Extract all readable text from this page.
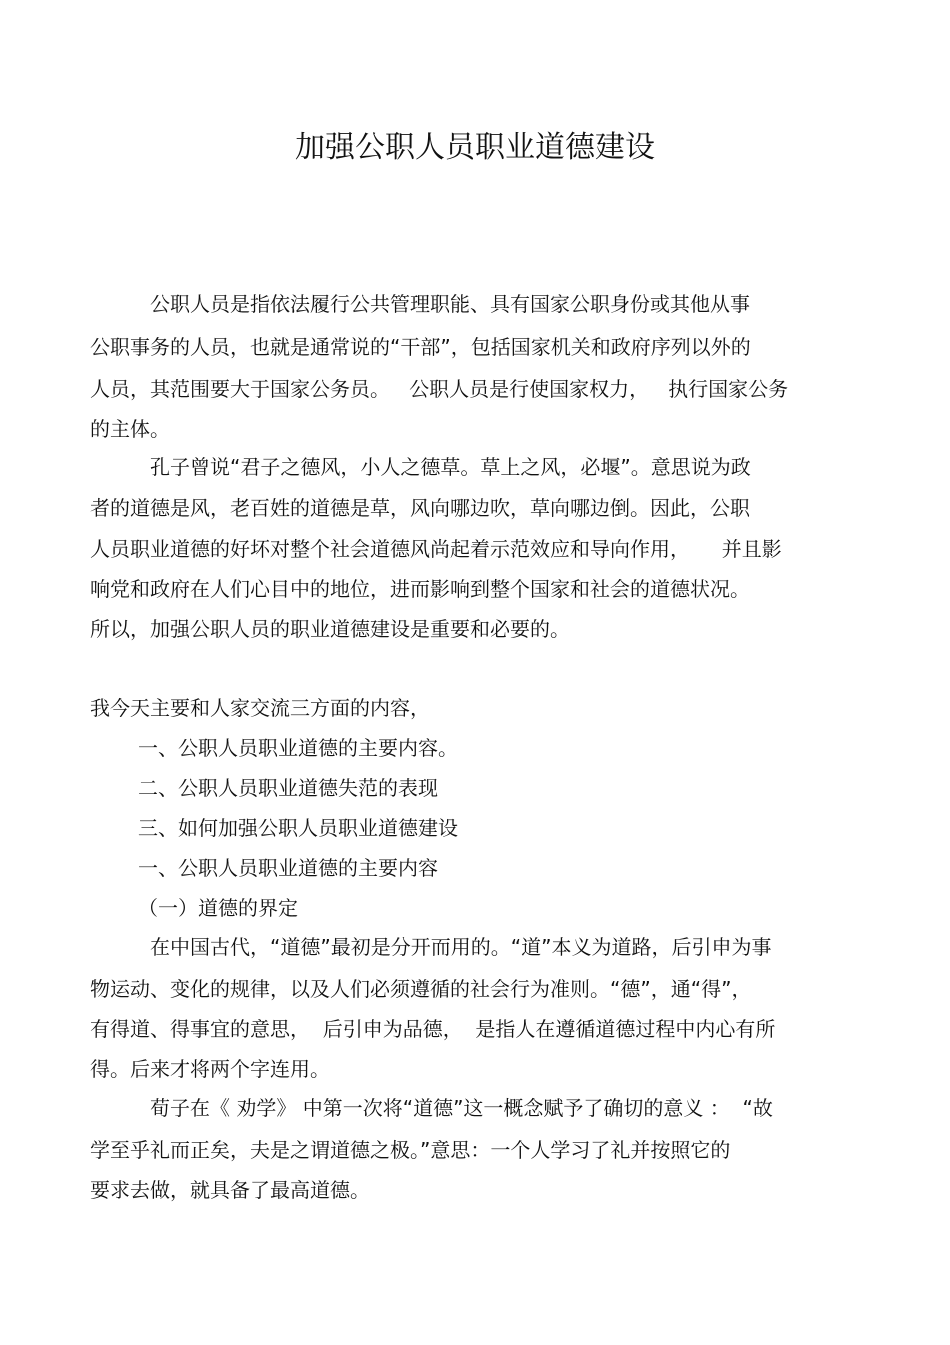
加强公职人员职业道德建设
公职人员是指依法履行公共管理职能、具有国家公职身份或其他从事
公职事务的人员，也就是通常说的“干部”，包括国家机关和政府序列以外的
人员，其范围要大于国家公务员。   公职人员是行使国家权力，   执行国家公务
的主体。
孔子曾说“君子之德风，小人之德草。草上之风，必堰”。意思说为政
者的道德是风，老百姓的道德是草，风向哪边吹，草向哪边倒。因此，公职
人员职业道德的好坏对整个社会道德风尚起着示范效应和导向作用，     并且影
响党和政府在人们心目中的地位，进而影响到整个国家和社会的道德状况。
所以，加强公职人员的职业道德建设是重要和必要的。
我今天主要和人家交流三方面的内容，
一、公职人员职业道德的主要内容。
二、公职人员职业道德失范的表现
三、如何加强公职人员职业道德建设
一、公职人员职业道德的主要内容
（一）道德的界定
在中国古代，“道德”最初是分开而用的。“道”本义为道路，后引申为事
物运动、变化的规律，以及人们必须遵循的社会行为准则。“德”，通“得”，
有得道、得事宜的意思，  后引申为品德，  是指人在遵循道德过程中内心有所
得。后来才将两个字连用。
荀子在《 劝学》 中第一次将“道德”这一概念赋予了确切的意义 ：  “故
学至乎礼而正矣，夫是之谓道德之极。”意思：一个人学习了礼并按照它的
要求去做，就具备了最高道德。
